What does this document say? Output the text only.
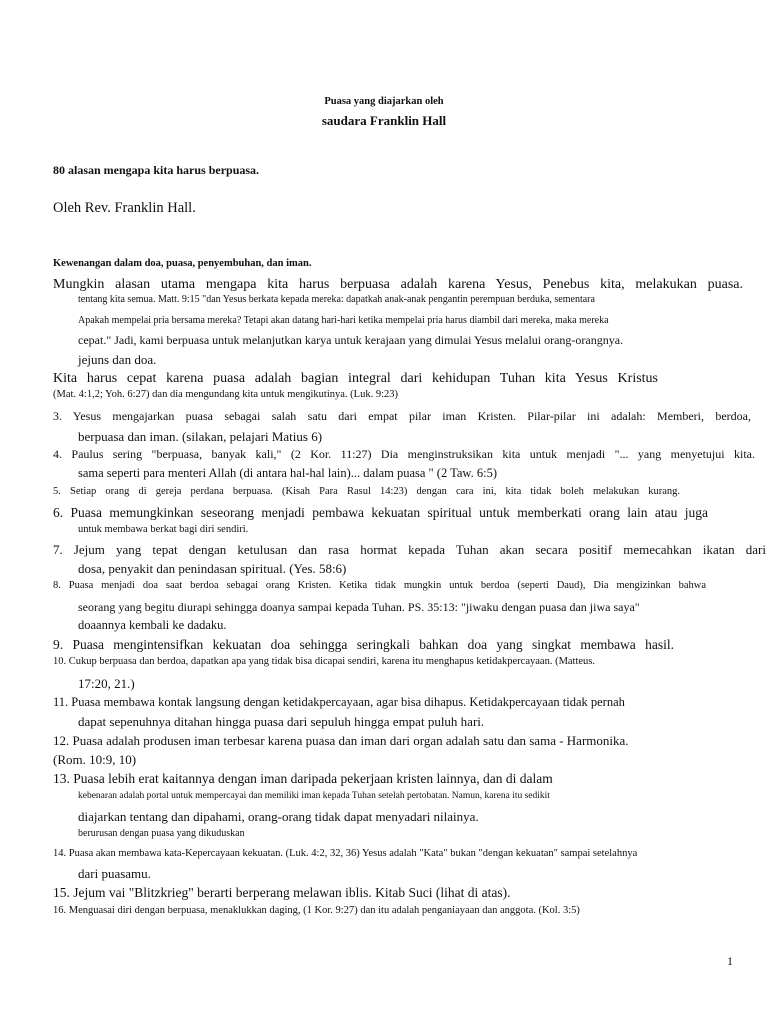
Puasa yang diajarkan oleh
saudara Franklin Hall
80 alasan mengapa kita harus berpuasa.
Oleh Rev. Franklin Hall.
Kewenangan dalam doa, puasa, penyembuhan, dan iman.
Mungkin alasan utama mengapa kita harus berpuasa adalah karena Yesus, Penebus kita, melakukan puasa.
tentang kita semua. Matt. 9:15 "dan Yesus berkata kepada mereka: dapatkah anak-anak pengantin perempuan berduka, sementara
Apakah mempelai pria bersama mereka? Tetapi akan datang hari-hari ketika mempelai pria harus diambil dari mereka, maka mereka
cepat." Jadi, kami berpuasa untuk melanjutkan karya untuk kerajaan yang dimulai Yesus melalui orang-orangnya.
jejuns dan doa.
Kita harus cepat karena puasa adalah bagian integral dari kehidupan Tuhan kita Yesus Kristus
(Mat. 4:1,2; Yoh. 6:27) dan dia mengundang kita untuk mengikutinya. (Luk. 9:23)
3. Yesus mengajarkan puasa sebagai salah satu dari empat pilar iman Kristen. Pilar-pilar ini adalah: Memberi, berdoa,
berpuasa dan iman. (silakan, pelajari Matius 6)
4. Paulus sering "berpuasa, banyak kali," (2 Kor. 11:27) Dia menginstruksikan kita untuk menjadi "... yang menyetujui kita.
sama seperti para menteri Allah (di antara hal-hal lain)... dalam puasa " (2 Taw. 6:5)
5. Setiap orang di gereja perdana berpuasa. (Kisah Para Rasul 14:23) dengan cara ini, kita tidak boleh melakukan kurang.
6. Puasa memungkinkan seseorang menjadi pembawa kekuatan spiritual untuk memberkati orang lain atau juga
untuk membawa berkat bagi diri sendiri.
7. Jejum yang tepat dengan ketulusan dan rasa hormat kepada Tuhan akan secara positif memecahkan ikatan dari
dosa, penyakit dan penindasan spiritual. (Yes. 58:6)
8. Puasa menjadi doa saat berdoa sebagai orang Kristen. Ketika tidak mungkin untuk berdoa (seperti Daud), Dia mengizinkan bahwa
seorang yang begitu diurapi sehingga doanya sampai kepada Tuhan. PS. 35:13: "jiwaku dengan puasa dan jiwa saya"
doaannya kembali ke dadaku.
9. Puasa mengintensifkan kekuatan doa sehingga seringkali bahkan doa yang singkat membawa hasil.
10. Cukup berpuasa dan berdoa, dapatkan apa yang tidak bisa dicapai sendiri, karena itu menghapus ketidakpercayaan. (Matteus.
17:20, 21.)
11. Puasa membawa kontak langsung dengan ketidakpercayaan, agar bisa dihapus. Ketidakpercayaan tidak pernah
dapat sepenuhnya ditahan hingga puasa dari sepuluh hingga empat puluh hari.
12. Puasa adalah produsen iman terbesar karena puasa dan iman dari organ adalah satu dan sama - Harmonika.
(Rom. 10:9, 10)
13. Puasa lebih erat kaitannya dengan iman daripada pekerjaan kristen lainnya, dan di dalam
kebenaran adalah portal untuk mempercayai dan memiliki iman kepada Tuhan setelah pertobatan. Namun, karena itu sedikit
diajarkan tentang dan dipahami, orang-orang tidak dapat menyadari nilainya.
berurusan dengan puasa yang dikuduskan
14. Puasa akan membawa kata-Kepercayaan kekuatan. (Luk. 4:2, 32, 36) Yesus adalah "Kata" bukan "dengan kekuatan" sampai setelahnya
dari puasamu.
15. Jejum vai "Blitzkrieg" berarti berperang melawan iblis. Kitab Suci (lihat di atas).
16. Menguasai diri dengan berpuasa, menaklukkan daging, (1 Kor. 9:27) dan itu adalah penganiayaan dan anggota. (Kol. 3:5)
1
